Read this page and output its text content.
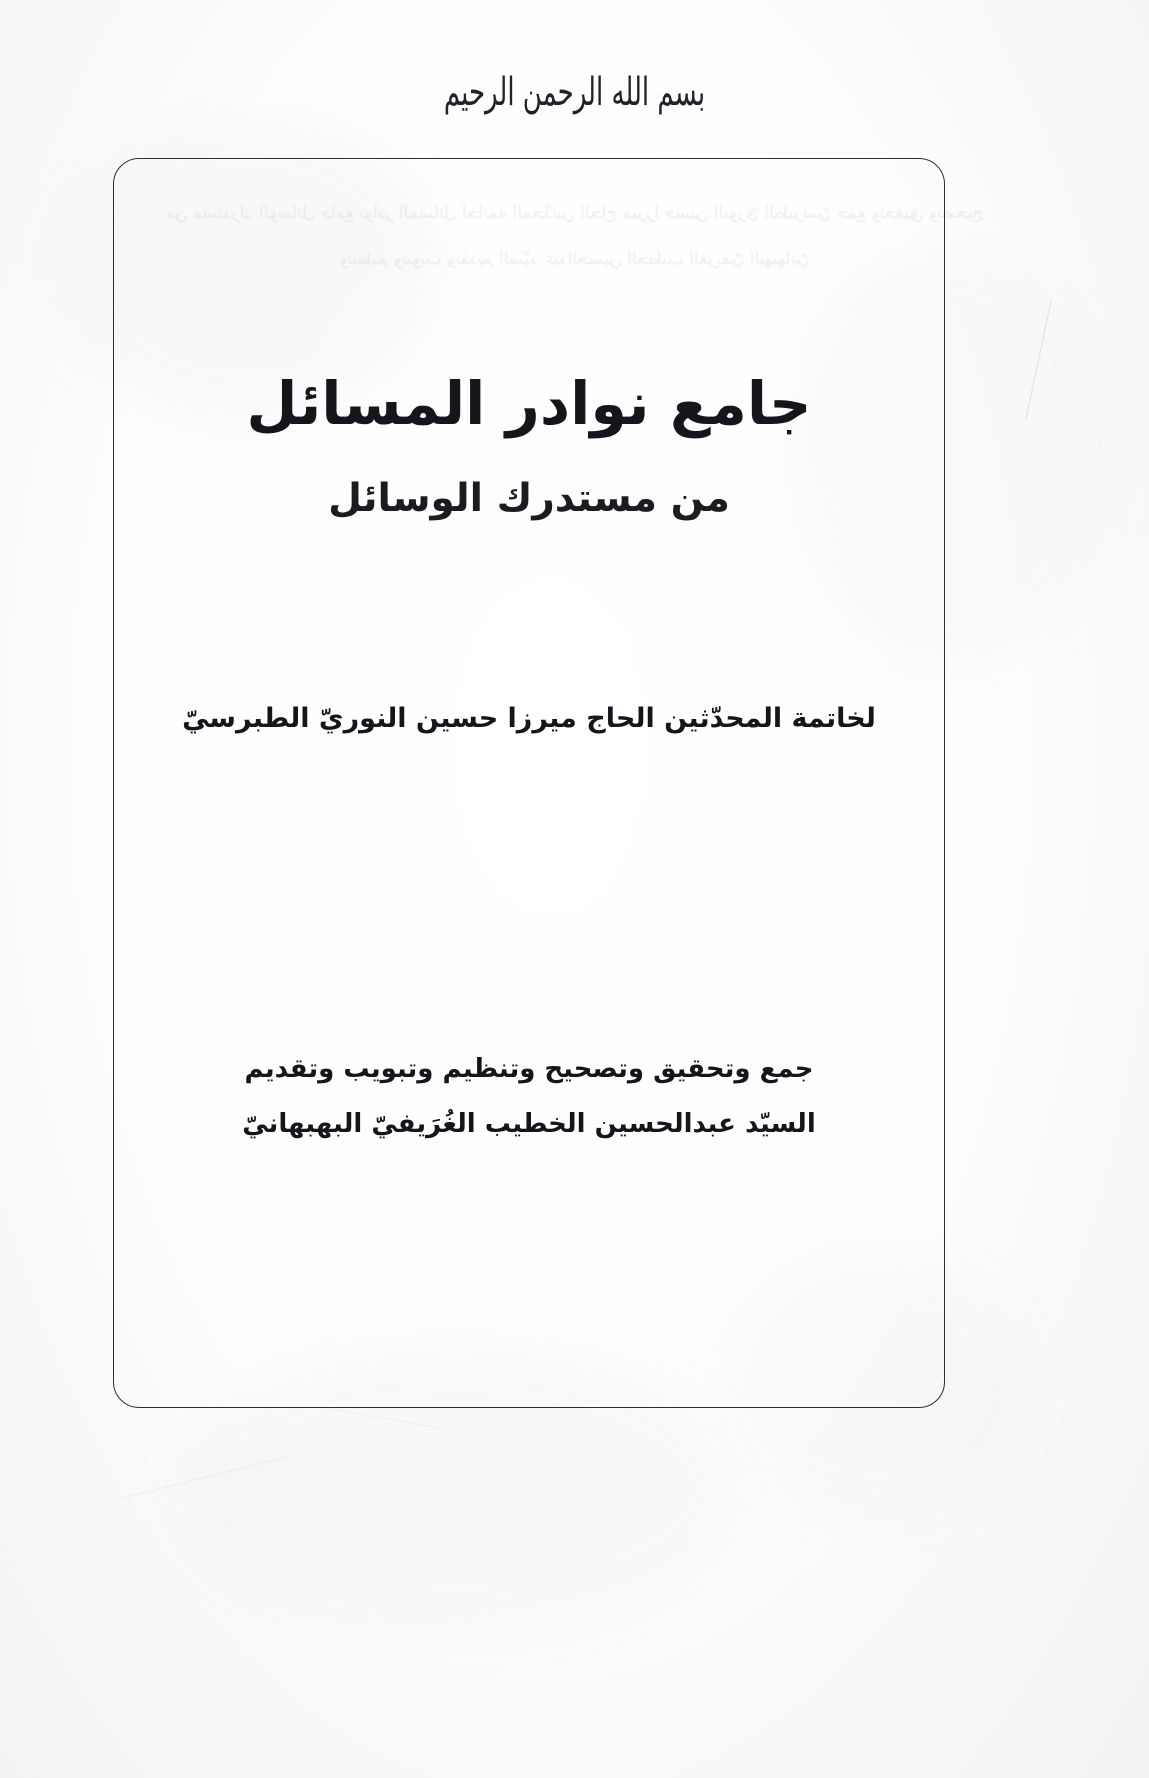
من مستدرك الوسائل جامع نوادر المسائل لخاتمة المحدّثين الحاج ميرزا حسين النوريّ الطبرسيّ جمع وتحقيق وتصحيح وتنظيم وتبويب وتقديم السيّد عبدالحسين الخطيب الغريفيّ البهبهانيّ
بسم الله الرحمن الرحيم
جامع نوادر المسائل
من مستدرك الوسائل
لخاتمة المحدّثين الحاج ميرزا حسين النوريّ الطبرسيّ
جمع وتحقيق وتصحيح وتنظيم وتبويب وتقديم
السيّد عبدالحسين الخطيب الغُرَيفيّ البهبهانيّ
